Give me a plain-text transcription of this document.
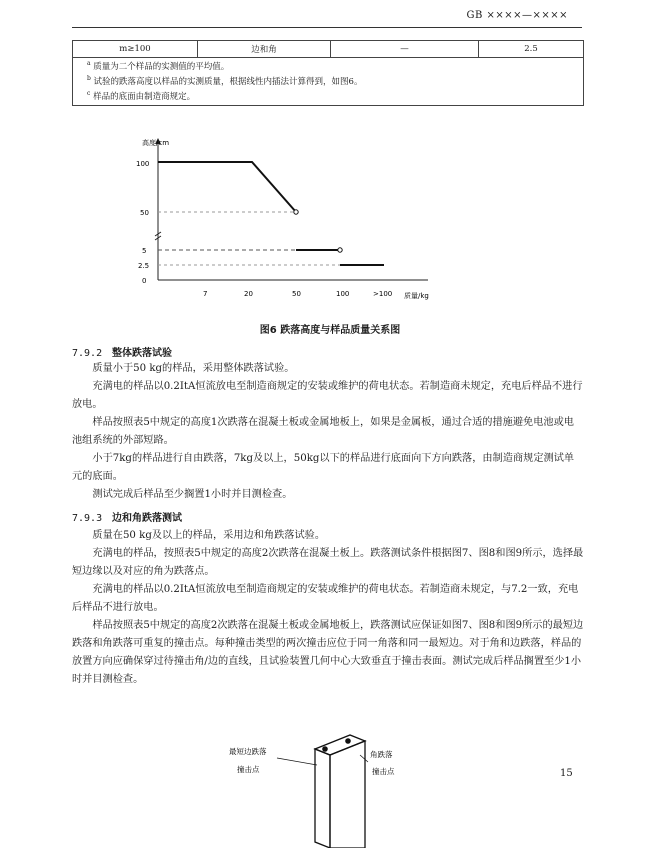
GB ××××—××××
m≥100	边和角	—	2.5

$^a$ 质量为二个样品的实测值的平均值。
$^b$ 试验的跌落高度以样品的实测质量，根据线性内插法计算得到，如图6。
$^c$ 样品的底面由制造商规定。
高度/cm
质量/kg
0
2.5
5
50
100
7	20	50	100	>100
图6 跌落高度与样品质量关系图
7.9.2 整体跌落试验

质量小于50 kg的样品，采用整体跌落试验。

充满电的样品以0.2ItA恒流放电至制造商规定的安装或维护的荷电状态。若制造商未规定，充电后样品不进行放电。

样品按照表5中规定的高度1次跌落在混凝土板或金属地板上，如果是金属板，通过合适的措施避免电池或电池组系统的外部短路。

小于7kg的样品进行自由跌落，7kg及以上，50kg以下的样品进行底面向下方向跌落，由制造商规定测试单元的底面。

测试完成后样品至少搁置1小时并目测检查。

7.9.3 边和角跌落测试

质量在50 kg及以上的样品，采用边和角跌落试验。

充满电的样品，按照表5中规定的高度2次跌落在混凝土板上。跌落测试条件根据图7、图8和图9所示，选择最短边缘以及对应的角为跌落点。

充满电的样品以0.2ItA恒流放电至制造商规定的安装或维护的荷电状态。若制造商未规定，与7.2一致，充电后样品不进行放电。

样品按照表5中规定的高度2次跌落在混凝土板或金属地板上，跌落测试应保证如图7、图8和图9所示的最短边跌落和角跌落可重复的撞击点。每种撞击类型的两次撞击应位于同一角落和同一最短边。对于角和边跌落，样品的放置方向应确保穿过待撞击角/边的直线，且试验装置几何中心大致垂直于撞击表面。测试完成后样品搁置至少1小时并目测检查。

最短边跌落
撞击点
角跌落
撞击点	15
